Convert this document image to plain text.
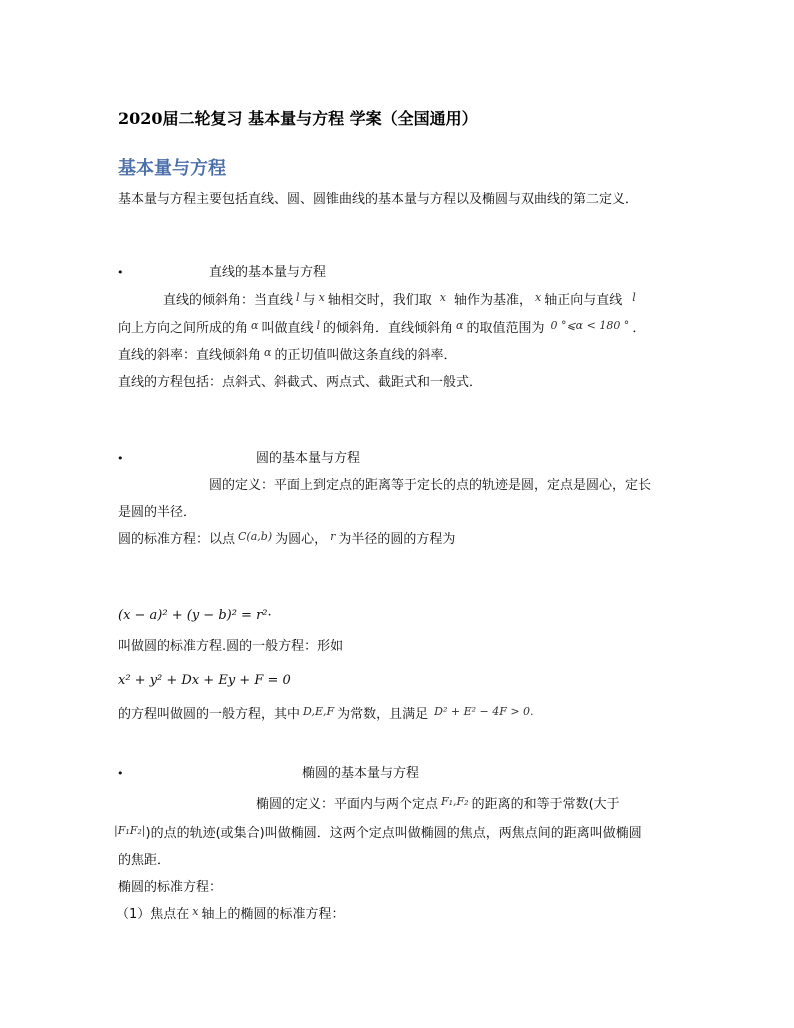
2020届二轮复习 基本量与方程 学案（全国通用）
基本量与方程
基本量与方程主要包括直线、圆、圆锥曲线的基本量与方程以及椭圆与双曲线的第二定义．
•	直线的基本量与方程
直线的倾斜角：当直线 $^l$ 与 $^x$ 轴相交时，我们取 $^x$ 轴作为基准， $^x$ 轴正向与直线 $^l$
向上方向之间所成的角 $^\alpha$ 叫做直线 $^l$ 的倾斜角．直线倾斜角 $^\alpha$ 的取值范围为 $^{0 ^\circ⩽\alpha < 180 ^\circ}$ ．
直线的斜率：直线倾斜角 $^\alpha$ 的正切值叫做这条直线的斜率．
直线的方程包括：点斜式、斜截式、两点式、截距式和一般式．
•	圆的基本量与方程
圆的定义：平面上到定点的距离等于定长的点的轨迹是圆，定点是圆心，定长
是圆的半径．
圆的标准方程：以点 $^{C(a,b)}$ 为圆心， $^r$ 为半径的圆的方程为
(x − a)² + (y − b)² = r²·
叫做圆的标准方程.圆的一般方程：形如
x² + y² + Dx + Ey + F = 0
的方程叫做圆的一般方程，其中 $^{D,E,F}$ 为常数，且满足 $^{D^2 + E^2 - 4F > 0.}$
•	椭圆的基本量与方程
椭圆的定义：平面内与两个定点 $^{F_1,F_2}$ 的距离的和等于常数(大于
$^{|F_1F_2|}$)的点的轨迹(或集合)叫做椭圆．这两个定点叫做椭圆的焦点，两焦点间的距离叫做椭圆
的焦距．
椭圆的标准方程：
（1）焦点在 $^x$ 轴上的椭圆的标准方程：
